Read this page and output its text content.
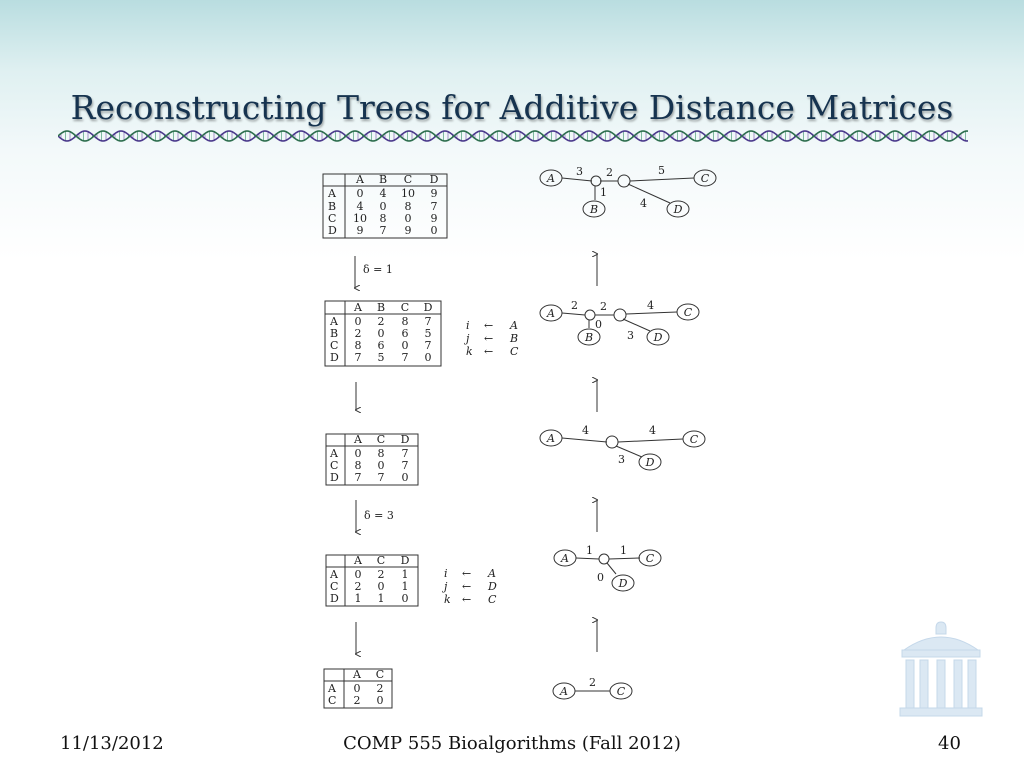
Reconstructing Trees for Additive Distance Matrices
A B C D
A 0 4 10 9
B 4 0 8 7
C 10 8 0 9
D 9 7 9 0
δ = 1
A B C D
A 0 2 8 7
B 2 0 6 5
C 8 6 0 7
D 7 5 7 0
i ← A
j ← B
k ← C
A C D
A 0 8 7
C 8 0 7
D 7 7 0
δ = 3
A C D
A 0 2 1
C 2 0 1
D 1 1 0
i ← A
j ← D
k ← C
A C
A 0 2
C 2 0
A
B
C
D
3 2	5
1
4
A
B
C
D
2 2	4
0
3
A	C
D
4	4
3
A	C
D
1 1
0
A	C
2
11/13/2012	COMP 555 Bioalgorithms (Fall 2012)	40
